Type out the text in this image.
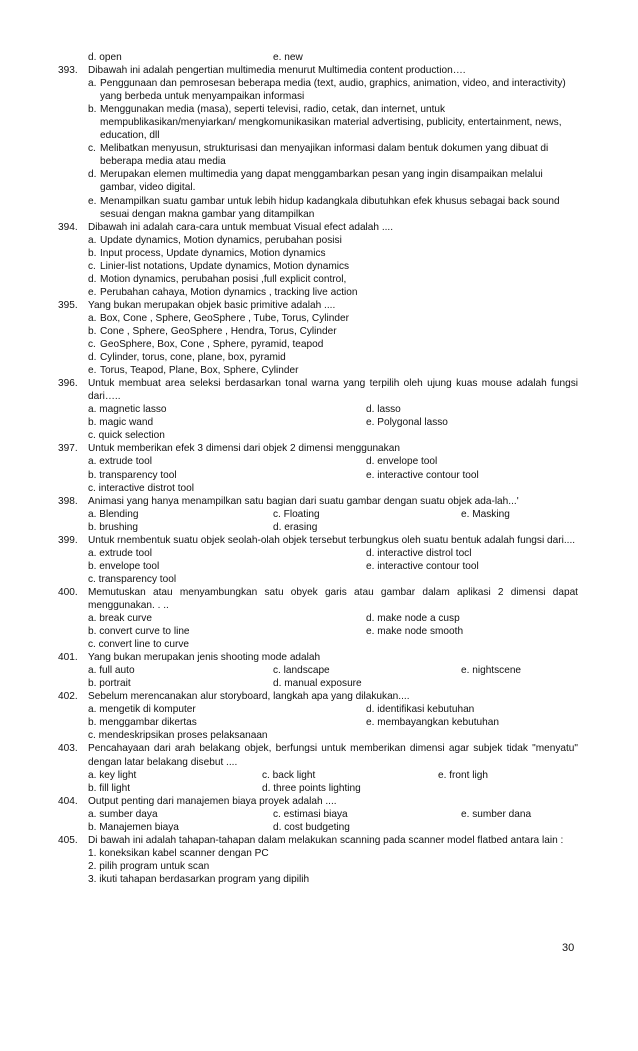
d. open	e. new
393.	Dibawah ini adalah pengertian multimedia menurut Multimedia content production….
a. Penggunaan dan pemrosesan beberapa media (text, audio, graphics, animation, video, and interactivity) yang berbeda untuk menyampaikan informasi
b. Menggunakan media (masa), seperti televisi, radio, cetak, dan internet, untuk mempublikasikan/menyiarkan/ mengkomunikasikan material advertising, publicity, entertainment, news, education, dll
c. Melibatkan menyusun, strukturisasi dan menyajikan informasi dalam bentuk dokumen yang dibuat di beberapa media atau media
d. Merupakan elemen multimedia yang dapat menggambarkan pesan yang ingin disampaikan melalui gambar, video digital.
e. Menampilkan suatu gambar untuk lebih hidup kadangkala dibutuhkan efek khusus sebagai back sound sesuai dengan makna gambar yang ditampilkan
394.	Dibawah ini adalah cara-cara untuk membuat Visual efect adalah ....
a. Update dynamics, Motion dynamics, perubahan posisi
b. Input process, Update dynamics, Motion dynamics
c. Linier-list notations, Update dynamics, Motion dynamics
d. Motion dynamics, perubahan posisi ,full explicit control,
e. Perubahan cahaya, Motion dynamics , tracking live action
395.	Yang bukan merupakan objek basic primitive adalah ....
a. Box, Cone , Sphere, GeoSphere , Tube, Torus, Cylinder
b. Cone , Sphere, GeoSphere , Hendra, Torus, Cylinder
c. GeoSphere, Box, Cone , Sphere, pyramid, teapod
d. Cylinder, torus, cone, plane, box, pyramid
e. Torus, Teapod, Plane, Box, Sphere, Cylinder
396.	Untuk membuat area seleksi berdasarkan tonal warna yang terpilih oleh ujung kuas mouse adalah fungsi dari…..
a. magnetic lasso	d. lasso
b. magic wand	e. Polygonal lasso
c. quick selection
397.	Untuk memberikan efek 3 dimensi dari objek 2 dimensi menggunakan
a. extrude tool	d. envelope tool
b. transparency tool	e. interactive contour tool
c. interactive distrot tool
398.	Animasi yang hanya menampilkan satu bagian dari suatu gambar dengan suatu objek ada-lah...'
a. Blending	c. Floating	e. Masking
b. brushing	d. erasing
399.	Untuk rnembentuk suatu objek seolah-olah objek tersebut terbungkus oleh suatu bentuk adalah fungsi dari....
a. extrude tool	d. interactive distrol tocl
b. envelope tool	e. interactive contour tool
c. transparency tool
400.	Memutuskan atau menyambungkan satu obyek garis atau gambar dalam aplikasi 2 dimensi dapat menggunakan. . ..
a. break curve	d. make node a cusp
b. convert curve to line	e. make node smooth
c. convert line to curve
401.	Yang bukan merupakan jenis shooting mode adalah
a. full auto	c. landscape	e. nightscene
b. portrait	d. manual exposure
402.	Sebelum merencanakan alur storyboard, langkah apa yang dilakukan....
a. mengetik di komputer	d. identifikasi kebutuhan
b. menggambar dikertas	e. membayangkan kebutuhan
c. mendeskripsikan proses pelaksanaan
403.	Pencahayaan dari arah belakang objek, berfungsi untuk memberikan dimensi agar subjek tidak "menyatu" dengan latar belakang disebut ....
a. key light	c. back light	e. front ligh
b. fill light	d. three points lighting
404.	Output penting dari manajemen biaya proyek adalah ....
a. sumber daya	c. estimasi biaya	e. sumber dana
b. Manajemen biaya	d. cost budgeting
405.	Di bawah ini adalah tahapan-tahapan dalam melakukan scanning pada scanner model flatbed antara lain :
1. koneksikan kabel scanner dengan PC
2. pilih program untuk scan
3. ikuti tahapan berdasarkan program yang dipilih
30
